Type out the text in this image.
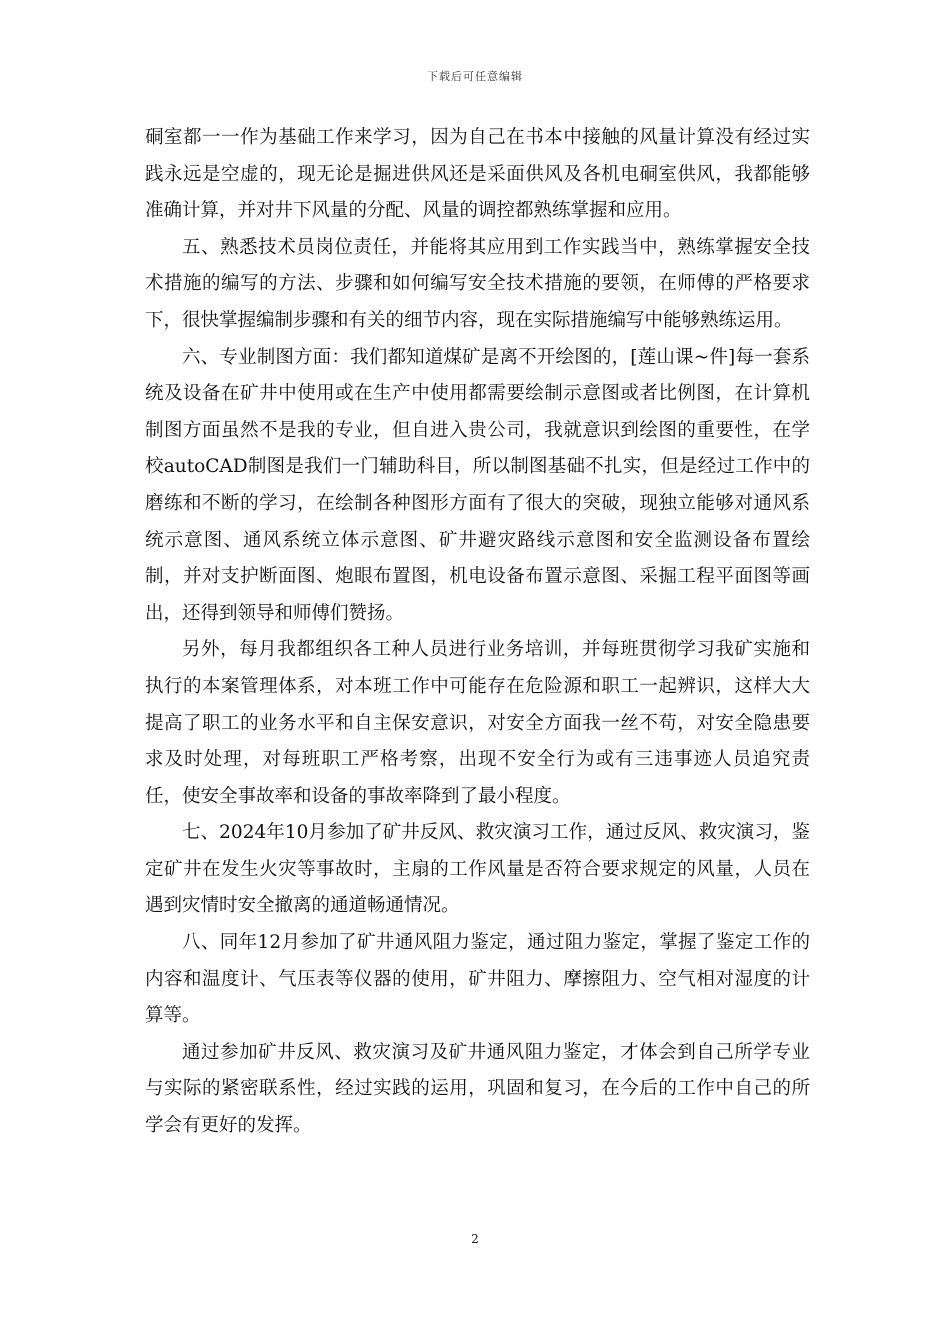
下载后可任意编辑

硐室都一一作为基础工作来学习，因为自己在书本中接触的风量计算没有经过实践永远是空虚的，现无论是掘进供风还是采面供风及各机电硐室供风，我都能够准确计算，并对井下风量的分配、风量的调控都熟练掌握和应用。

五、熟悉技术员岗位责任，并能将其应用到工作实践当中，熟练掌握安全技术措施的编写的方法、步骤和如何编写安全技术措施的要领，在师傅的严格要求下，很快掌握编制步骤和有关的细节内容，现在实际措施编写中能够熟练运用。

六、专业制图方面：我们都知道煤矿是离不开绘图的，[莲山课~件]每一套系统及设备在矿井中使用或在生产中使用都需要绘制示意图或者比例图，在计算机制图方面虽然不是我的专业，但自进入贵公司，我就意识到绘图的重要性，在学校autoCAD制图是我们一门辅助科目，所以制图基础不扎实，但是经过工作中的磨练和不断的学习，在绘制各种图形方面有了很大的突破，现独立能够对通风系统示意图、通风系统立体示意图、矿井避灾路线示意图和安全监测设备布置绘制，并对支护断面图、炮眼布置图，机电设备布置示意图、采掘工程平面图等画出，还得到领导和师傅们赞扬。

另外，每月我都组织各工种人员进行业务培训，并每班贯彻学习我矿实施和执行的本案管理体系，对本班工作中可能存在危险源和职工一起辨识，这样大大提高了职工的业务水平和自主保安意识，对安全方面我一丝不苟，对安全隐患要求及时处理，对每班职工严格考察，出现不安全行为或有三违事迹人员追究责任，使安全事故率和设备的事故率降到了最小程度。

七、2024年10月参加了矿井反风、救灾演习工作，通过反风、救灾演习，鉴定矿井在发生火灾等事故时，主扇的工作风量是否符合要求规定的风量，人员在遇到灾情时安全撤离的通道畅通情况。

八、同年12月参加了矿井通风阻力鉴定，通过阻力鉴定，掌握了鉴定工作的内容和温度计、气压表等仪器的使用，矿井阻力、摩擦阻力、空气相对湿度的计算等。

通过参加矿井反风、救灾演习及矿井通风阻力鉴定，才体会到自己所学专业与实际的紧密联系性，经过实践的运用，巩固和复习，在今后的工作中自己的所学会有更好的发挥。

2
